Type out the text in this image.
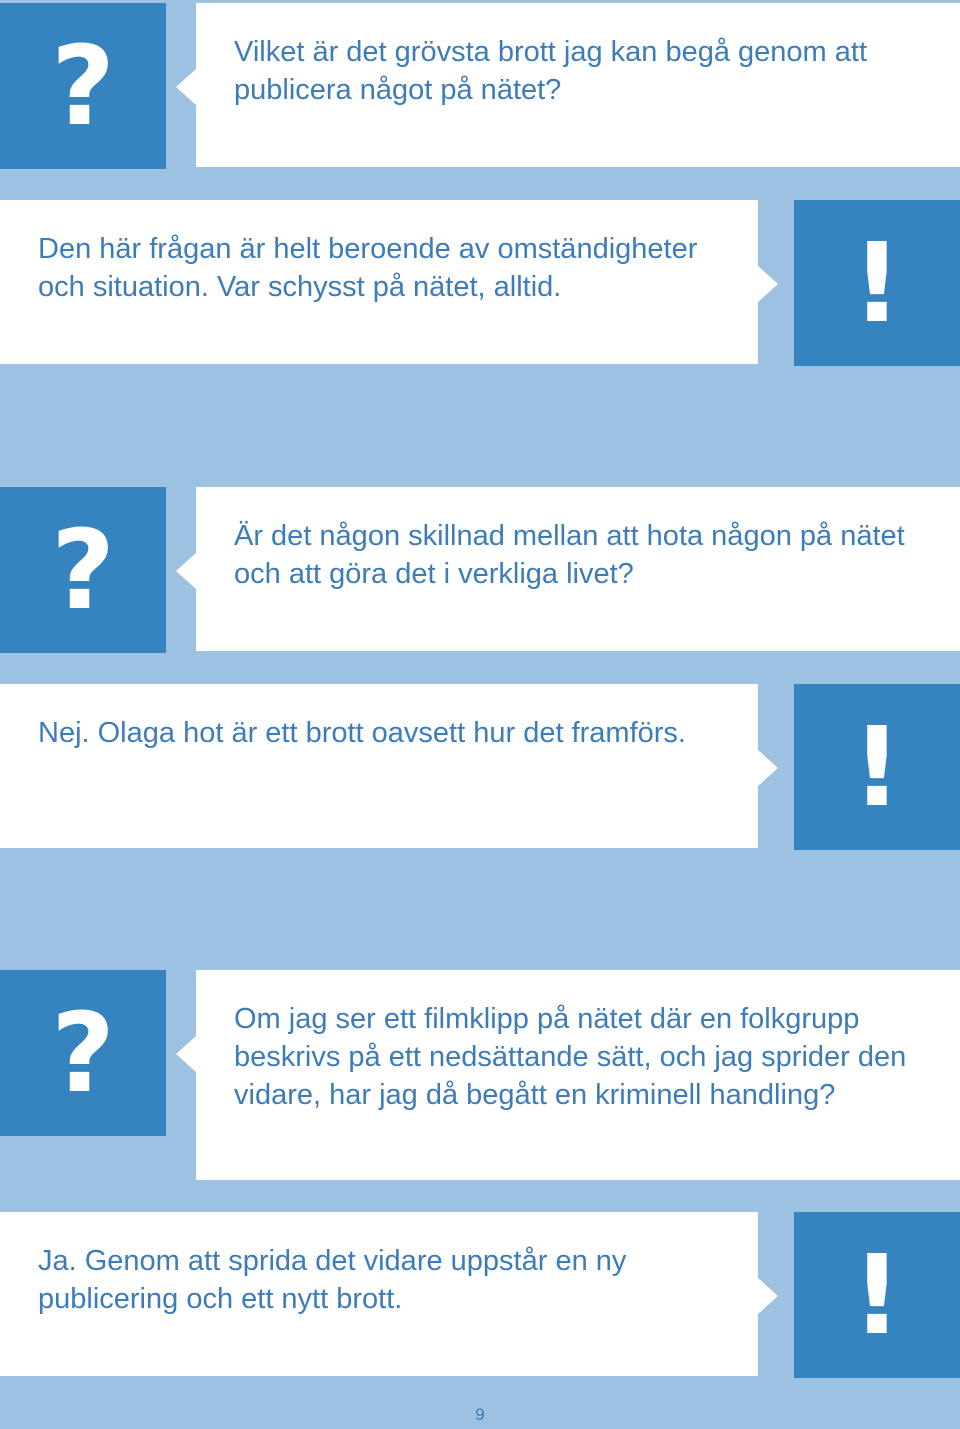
?	Vilket är det grövsta brott jag kan begå genom att publicera något på nätet?
Den här frågan är helt beroende av omständigheter och situation. Var schysst på nätet, alltid.	!
?	Är det någon skillnad mellan att hota någon på nätet och att göra det i verkliga livet?
Nej. Olaga hot är ett brott oavsett hur det framförs. !
?	Om jag ser ett filmklipp på nätet där en folkgrupp beskrivs på ett nedsättande sätt, och jag sprider den vidare, har jag då begått en kriminell handling?
Ja. Genom att sprida det vidare uppstår en ny publicering och ett nytt brott.	!
9
